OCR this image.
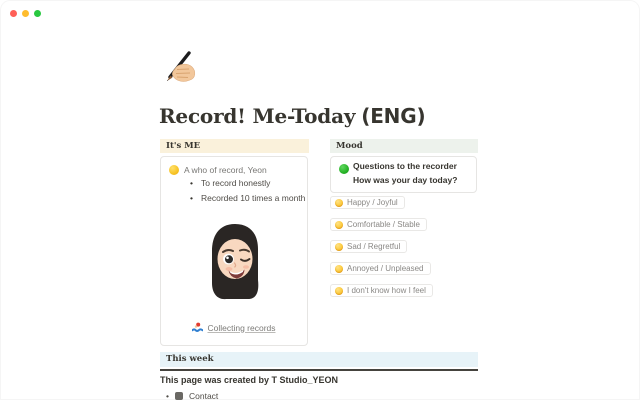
Record! Me-Today (ENG)
It's ME
A who of record, Yeon
• To record honestly
• Recorded 10 times a month
Collecting records
Mood
Questions to the recorder
How was your day today?
Happy / Joyful
Comfortable / Stable
Sad / Regretful
Annoyed / Unpleased
I don't know how I feel
This week
This page was created by T Studio_YEON
• Contact
